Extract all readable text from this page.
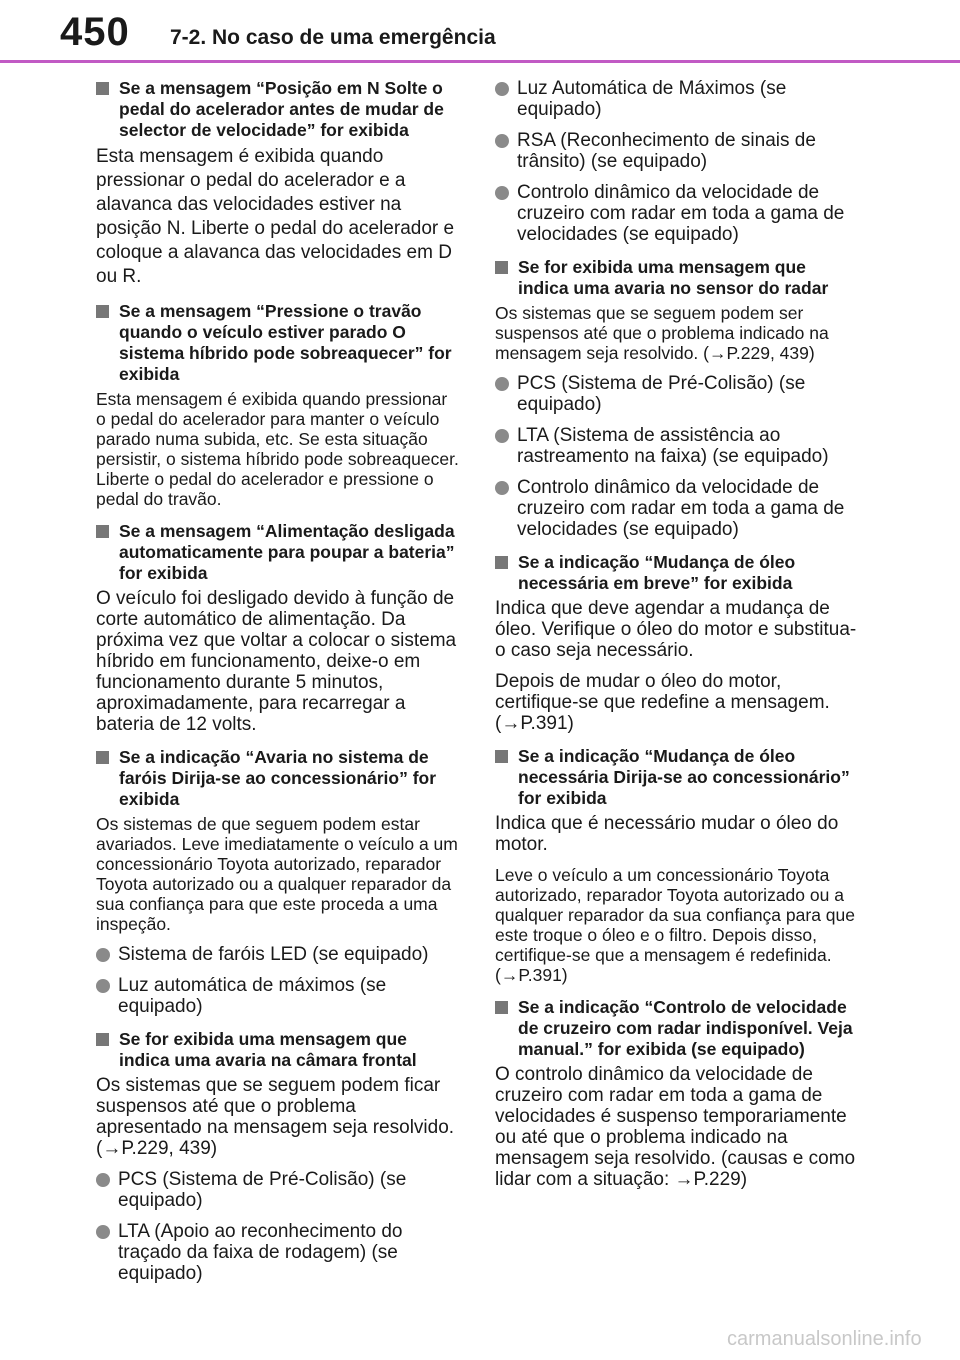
450 7-2. No caso de uma emergência
Se a mensagem “Posição em N Solte o pedal do acelerador antes de mudar de selector de velocidade” for exibida
Esta mensagem é exibida quando pressionar o pedal do acelerador e a alavanca das velocidades estiver na posição N. Liberte o pedal do acelerador e coloque a alavanca das velocidades em D ou R.
Se a mensagem “Pressione o travão quando o veículo estiver parado O sistema híbrido pode sobreaquecer” for exibida
Esta mensagem é exibida quando pressionar o pedal do acelerador para manter o veículo parado numa subida, etc. Se esta situação persistir, o sistema híbrido pode sobreaquecer. Liberte o pedal do acelerador e pressione o pedal do travão.
Se a mensagem “Alimentação desligada automaticamente para poupar a bateria” for exibida
O veículo foi desligado devido à função de corte automático de alimentação. Da próxima vez que voltar a colocar o sistema híbrido em funcionamento, deixe-o em funcionamento durante 5 minutos, aproximadamente, para recarregar a bateria de 12 volts.
Se a indicação “Avaria no sistema de faróis Dirija-se ao concessionário” for exibida
Os sistemas de que seguem podem estar avariados. Leve imediatamente o veículo a um concessionário Toyota autorizado, reparador Toyota autorizado ou a qualquer reparador da sua confiança para que este proceda a uma inspeção.
Sistema de faróis LED (se equipado)
Luz automática de máximos (se equipado)
Se for exibida uma mensagem que indica uma avaria na câmara frontal
Os sistemas que se seguem podem ficar suspensos até que o problema apresentado na mensagem seja resolvido. (→P.229, 439)
PCS (Sistema de Pré-Colisão) (se equipado)
LTA (Apoio ao reconhecimento do traçado da faixa de rodagem) (se equipado)
Luz Automática de Máximos (se equipado)
RSA (Reconhecimento de sinais de trânsito) (se equipado)
Controlo dinâmico da velocidade de cruzeiro com radar em toda a gama de velocidades (se equipado)
Se for exibida uma mensagem que indica uma avaria no sensor do radar
Os sistemas que se seguem podem ser suspensos até que o problema indicado na mensagem seja resolvido. (→P.229, 439)
PCS (Sistema de Pré-Colisão) (se equipado)
LTA (Sistema de assistência ao rastreamento na faixa) (se equipado)
Controlo dinâmico da velocidade de cruzeiro com radar em toda a gama de velocidades (se equipado)
Se a indicação “Mudança de óleo necessária em breve” for exibida
Indica que deve agendar a mudança de óleo. Verifique o óleo do motor e substitua-o caso seja necessário.
Depois de mudar o óleo do motor, certifique-se que redefine a mensagem. (→P.391)
Se a indicação “Mudança de óleo necessária Dirija-se ao concessionário” for exibida
Indica que é necessário mudar o óleo do motor.
Leve o veículo a um concessionário Toyota autorizado, reparador Toyota autorizado ou a qualquer reparador da sua confiança para que este troque o óleo e o filtro. Depois disso, certifique-se que a mensagem é redefinida. (→P.391)
Se a indicação “Controlo de velocidade de cruzeiro com radar indisponível. Veja manual.” for exibida (se equipado)
O controlo dinâmico da velocidade de cruzeiro com radar em toda a gama de velocidades é suspenso temporariamente ou até que o problema indicado na mensagem seja resolvido. (causas e como lidar com a situação: →P.229)
carmanualsonline.info
